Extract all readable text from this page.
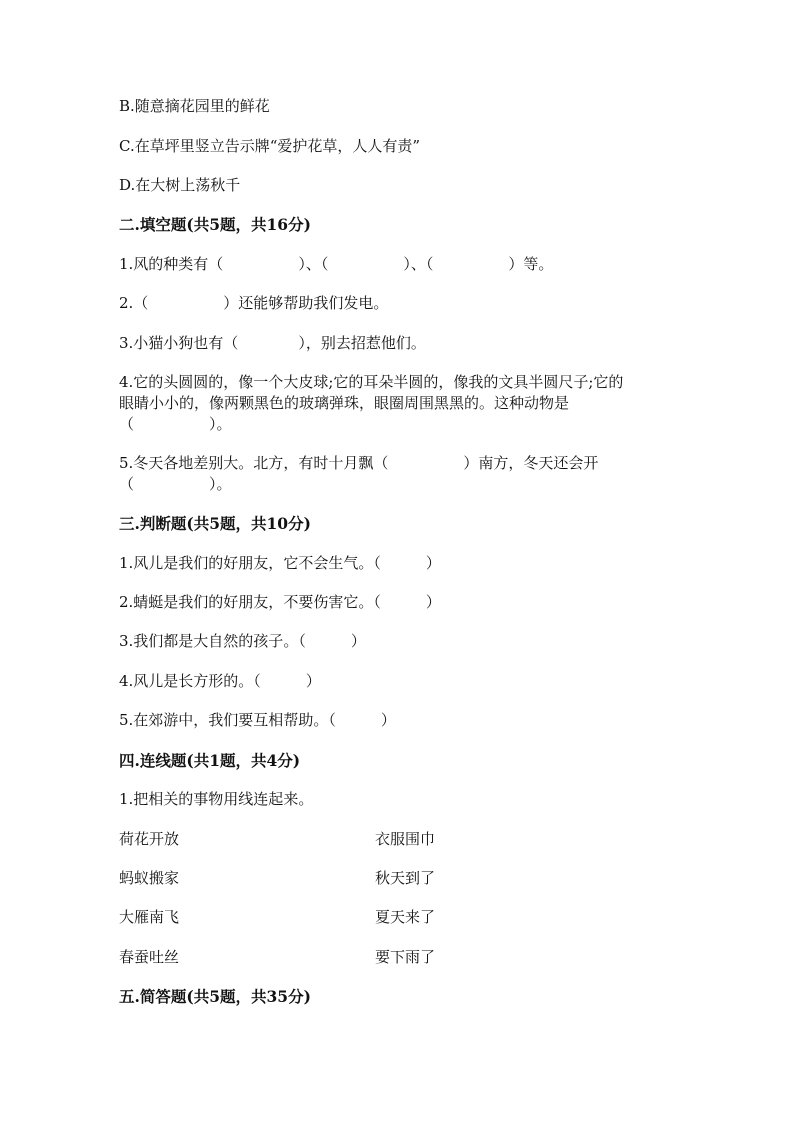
B.随意摘花园里的鲜花
C.在草坪里竖立告示牌“爱护花草，人人有责”
D.在大树上荡秋千
二.填空题(共5题，共16分)
1.风的种类有（　　　　　）、（　　　　　）、（　　　　　）等。
2.（　　　　　）还能够帮助我们发电。
3.小猫小狗也有（　　　　），别去招惹他们。
4.它的头圆圆的，像一个大皮球;它的耳朵半圆的，像我的文具半圆尺子;它的
眼睛小小的，像两颗黑色的玻璃弹珠，眼圈周围黑黑的。这种动物是
（　　　　　）。
5.冬天各地差别大。北方，有时十月飘（　　　　　）南方，冬天还会开
（　　　　　）。
三.判断题(共5题，共10分)
1.风儿是我们的好朋友，它不会生气。（　　　）
2.蜻蜓是我们的好朋友，不要伤害它。（　　　）
3.我们都是大自然的孩子。（　　　）
4.风儿是长方形的。（　　　）
5.在郊游中，我们要互相帮助。（　　　）
四.连线题(共1题，共4分)
1.把相关的事物用线连起来。
荷花开放	衣服围巾
蚂蚁搬家	秋天到了
大雁南飞	夏天来了
春蚕吐丝	要下雨了
五.简答题(共5题，共35分)
